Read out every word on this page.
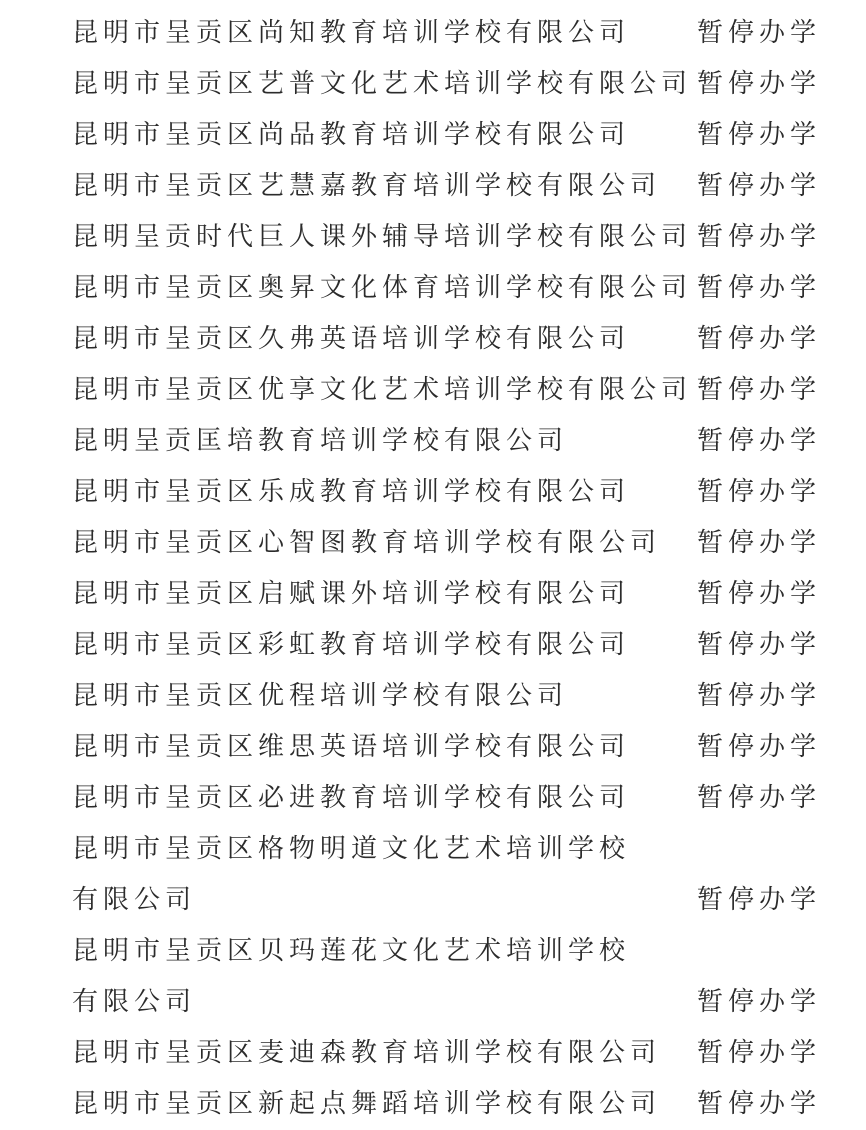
昆明市呈贡区尚知教育培训学校有限公司	暂停办学
昆明市呈贡区艺普文化艺术培训学校有限公司 暂停办学
昆明市呈贡区尚品教育培训学校有限公司	暂停办学
昆明市呈贡区艺慧嘉教育培训学校有限公司 暂停办学
昆明呈贡时代巨人课外辅导培训学校有限公司 暂停办学
昆明市呈贡区奥昇文化体育培训学校有限公司 暂停办学
昆明市呈贡区久弗英语培训学校有限公司	暂停办学
昆明市呈贡区优享文化艺术培训学校有限公司 暂停办学
昆明呈贡匡培教育培训学校有限公司	暂停办学
昆明市呈贡区乐成教育培训学校有限公司	暂停办学
昆明市呈贡区心智图教育培训学校有限公司 暂停办学
昆明市呈贡区启赋课外培训学校有限公司	暂停办学
昆明市呈贡区彩虹教育培训学校有限公司	暂停办学
昆明市呈贡区优程培训学校有限公司	暂停办学
昆明市呈贡区维思英语培训学校有限公司	暂停办学
昆明市呈贡区必进教育培训学校有限公司	暂停办学
昆明市呈贡区格物明道文化艺术培训学校
有限公司	暂停办学
昆明市呈贡区贝玛莲花文化艺术培训学校
有限公司	暂停办学
昆明市呈贡区麦迪森教育培训学校有限公司 暂停办学
昆明市呈贡区新起点舞蹈培训学校有限公司 暂停办学
